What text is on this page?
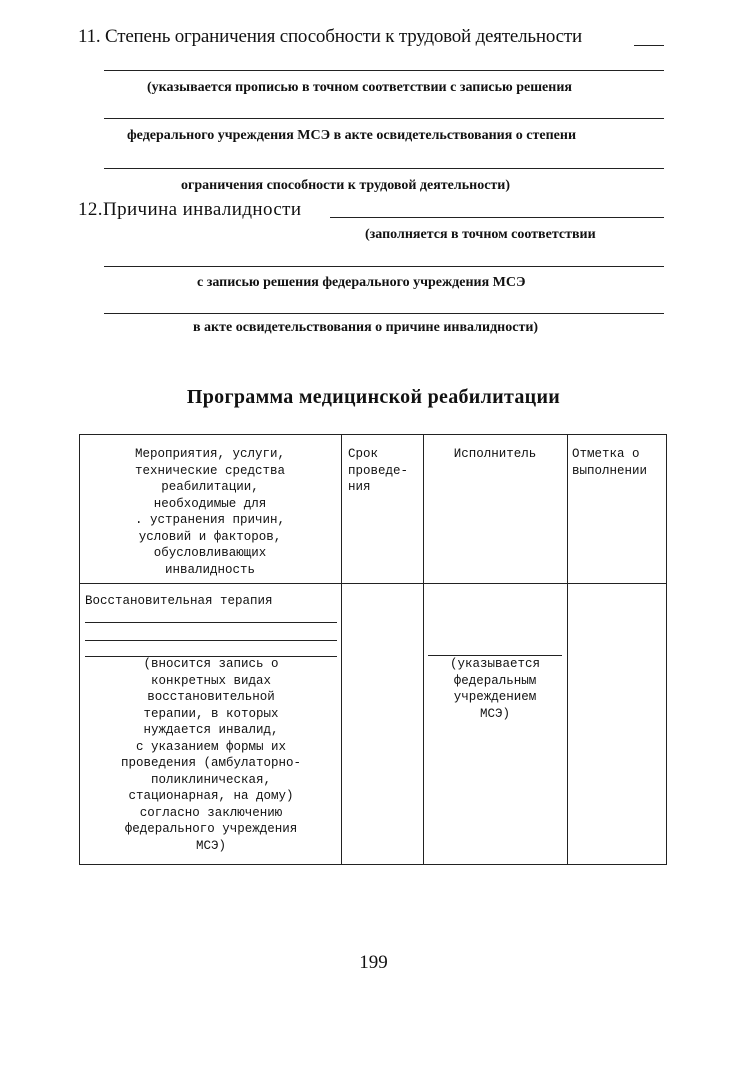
11. Степень ограничения способности к трудовой деятельности
(указывается прописью в точном соответствии с записью решения
федерального учреждения МСЭ в акте освидетельствования о степени
ограничения способности к трудовой деятельности)
12.Причина инвалидности
(заполняется в точном соответствии
с записью решения федерального учреждения МСЭ
в акте освидетельствования о причине инвалидности)
Программа медицинской реабилитации
Мероприятия, услуги,
технические средства
реабилитации,
необходимые для
. устранения причин,
условий и факторов,
обусловливающих
инвалидность
Срок
проведе-
ния
Исполнитель	Отметка о
выполнении
Восстановительная терапия
(вносится запись о
конкретных видах
восстановительной
терапии, в которых
нуждается инвалид,
с указанием формы их
проведения (амбулаторно-
поликлиническая,
стационарная, на дому)
согласно заключению
федерального учреждения
МСЭ)
(указывается
федеральным
учреждением
МСЭ)
199
